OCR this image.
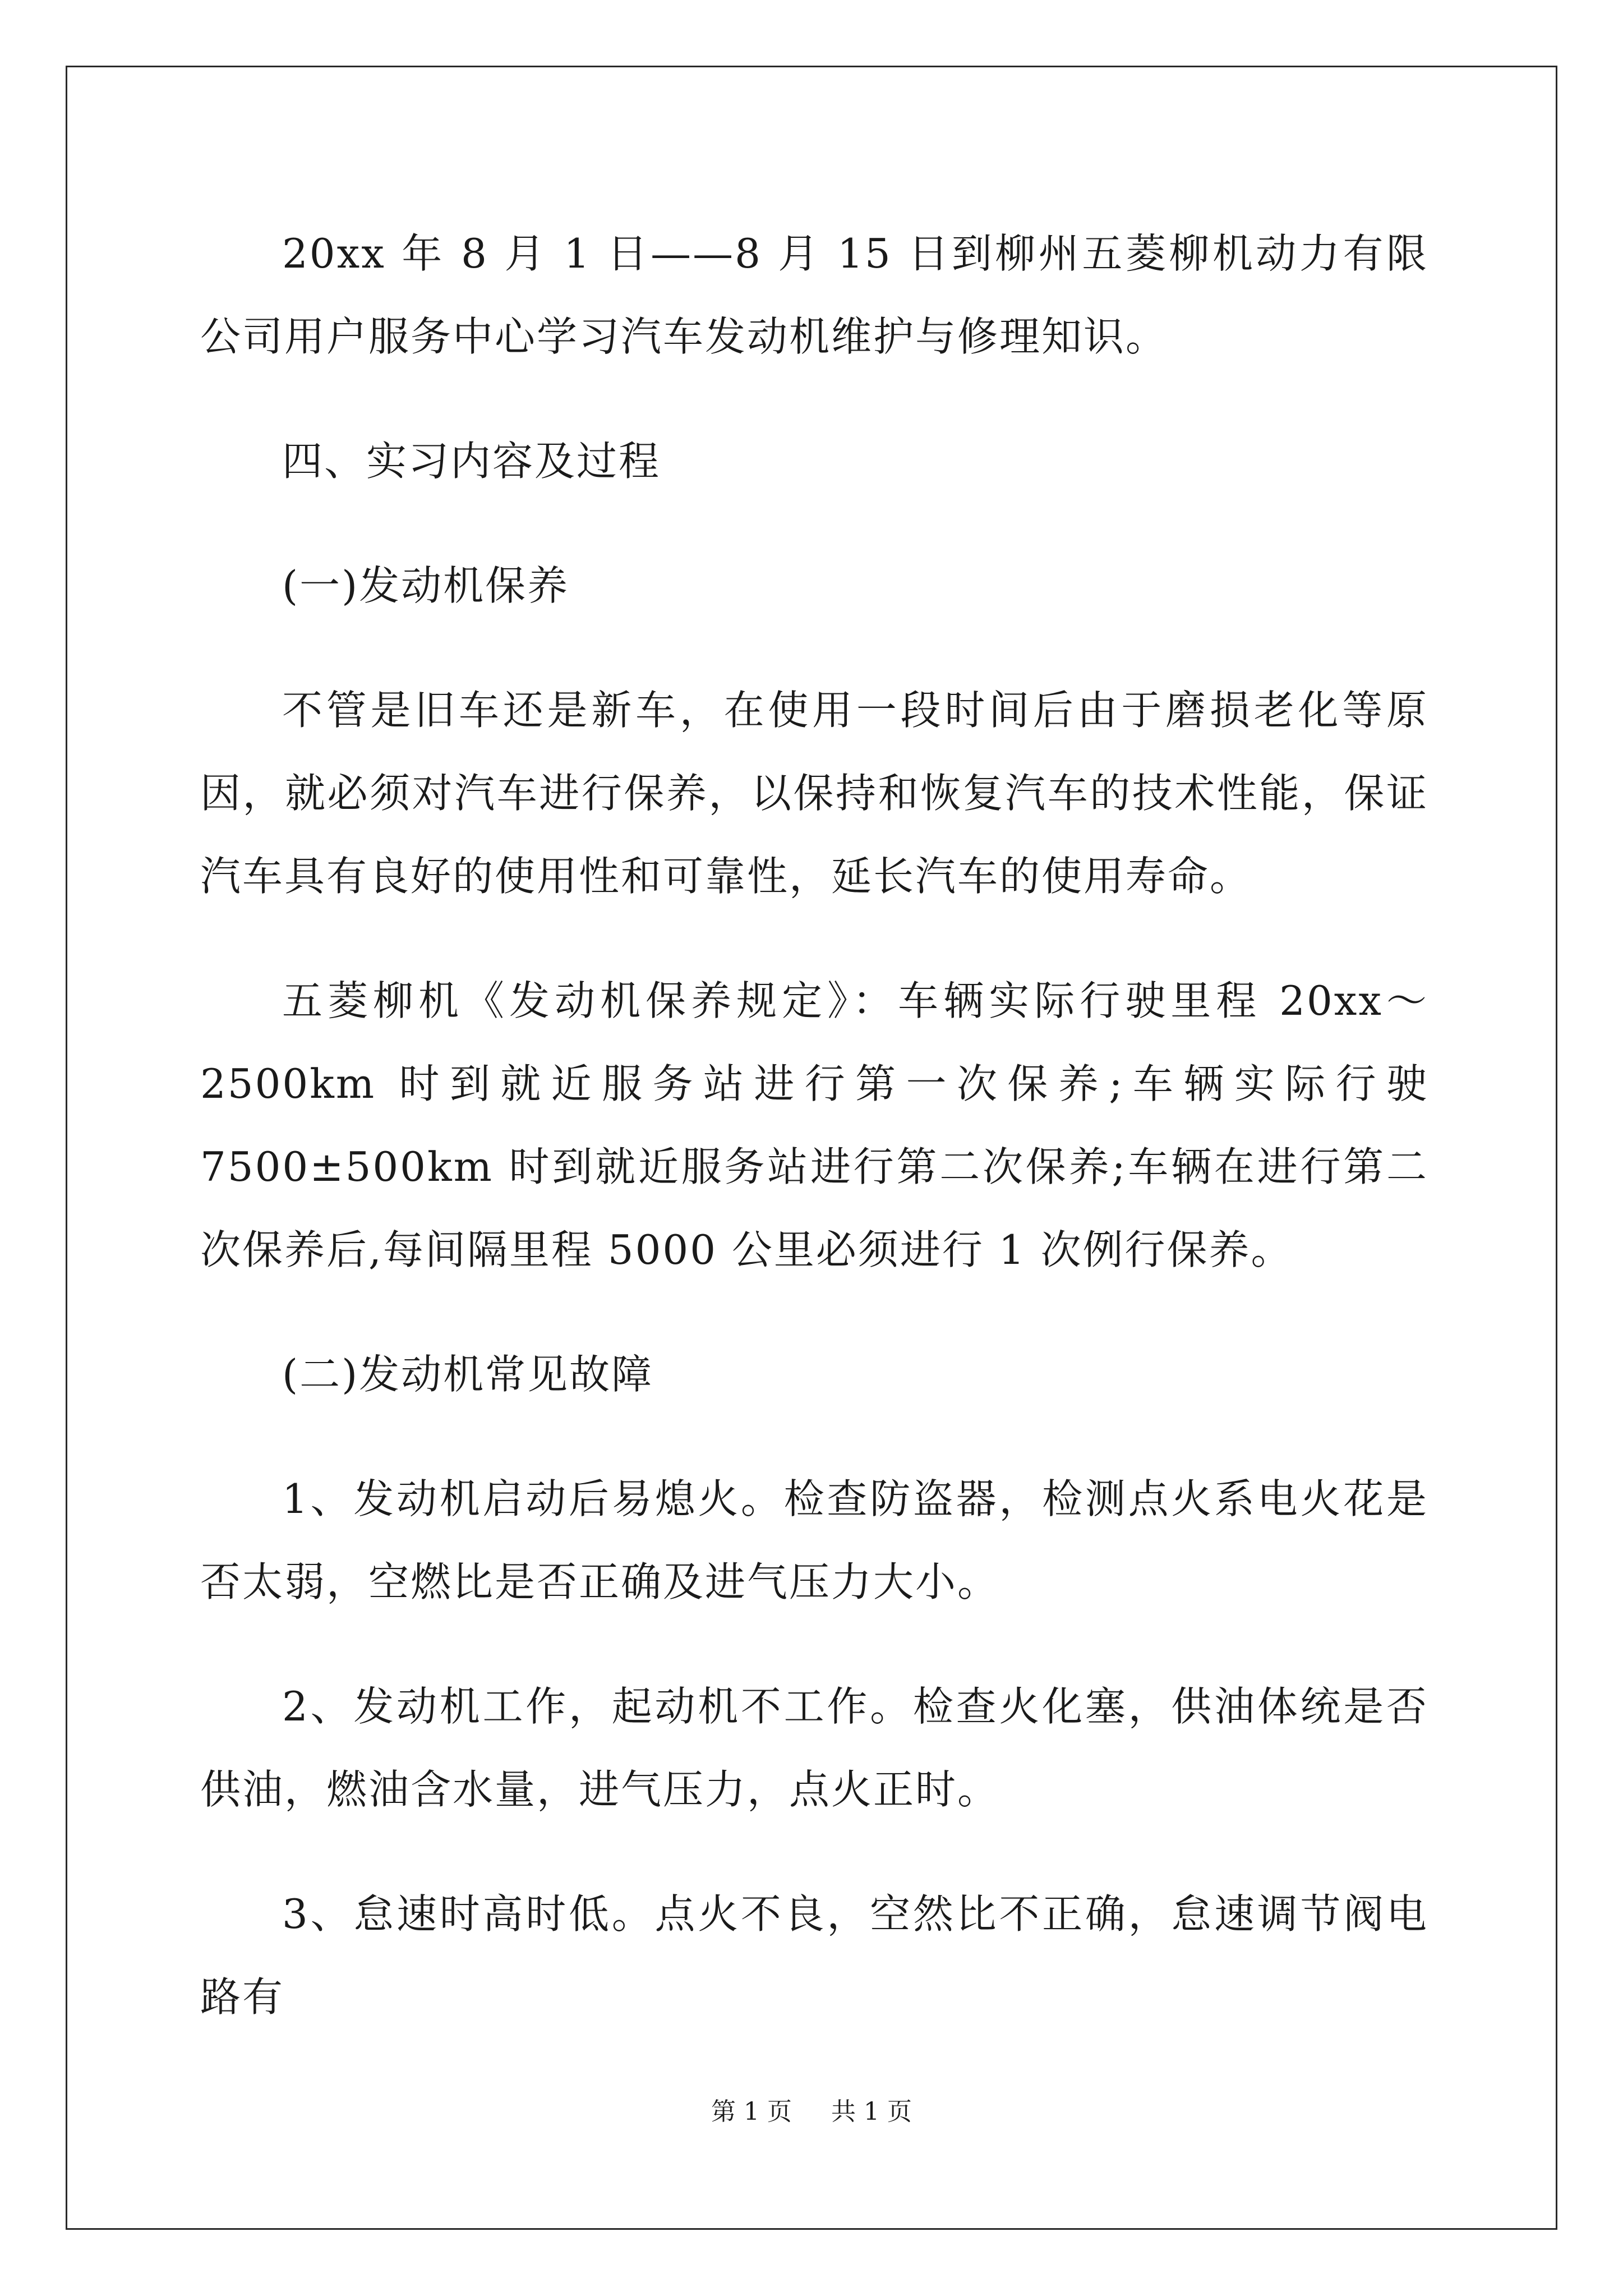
20xx 年 8 月 1 日——8 月 15 日到柳州五菱柳机动力有限公司用户服务中心学习汽车发动机维护与修理知识。

四、实习内容及过程

(一)发动机保养

不管是旧车还是新车，在使用一段时间后由于磨损老化等原因，就必须对汽车进行保养，以保持和恢复汽车的技术性能，保证汽车具有良好的使用性和可靠性，延长汽车的使用寿命。

五菱柳机《发动机保养规定》：车辆实际行驶里程 20xx～2500km 时到就近服务站进行第一次保养;车辆实际行驶 7500±500km 时到就近服务站进行第二次保养;车辆在进行第二次保养后,每间隔里程 5000 公里必须进行 1 次例行保养。

(二)发动机常见故障

1、发动机启动后易熄火。检查防盗器，检测点火系电火花是否太弱，空燃比是否正确及进气压力大小。

2、发动机工作，起动机不工作。检查火化塞，供油体统是否供油，燃油含水量，进气压力，点火正时。

3、怠速时高时低。点火不良，空然比不正确，怠速调节阀电路有

第 1 页 共 1 页
